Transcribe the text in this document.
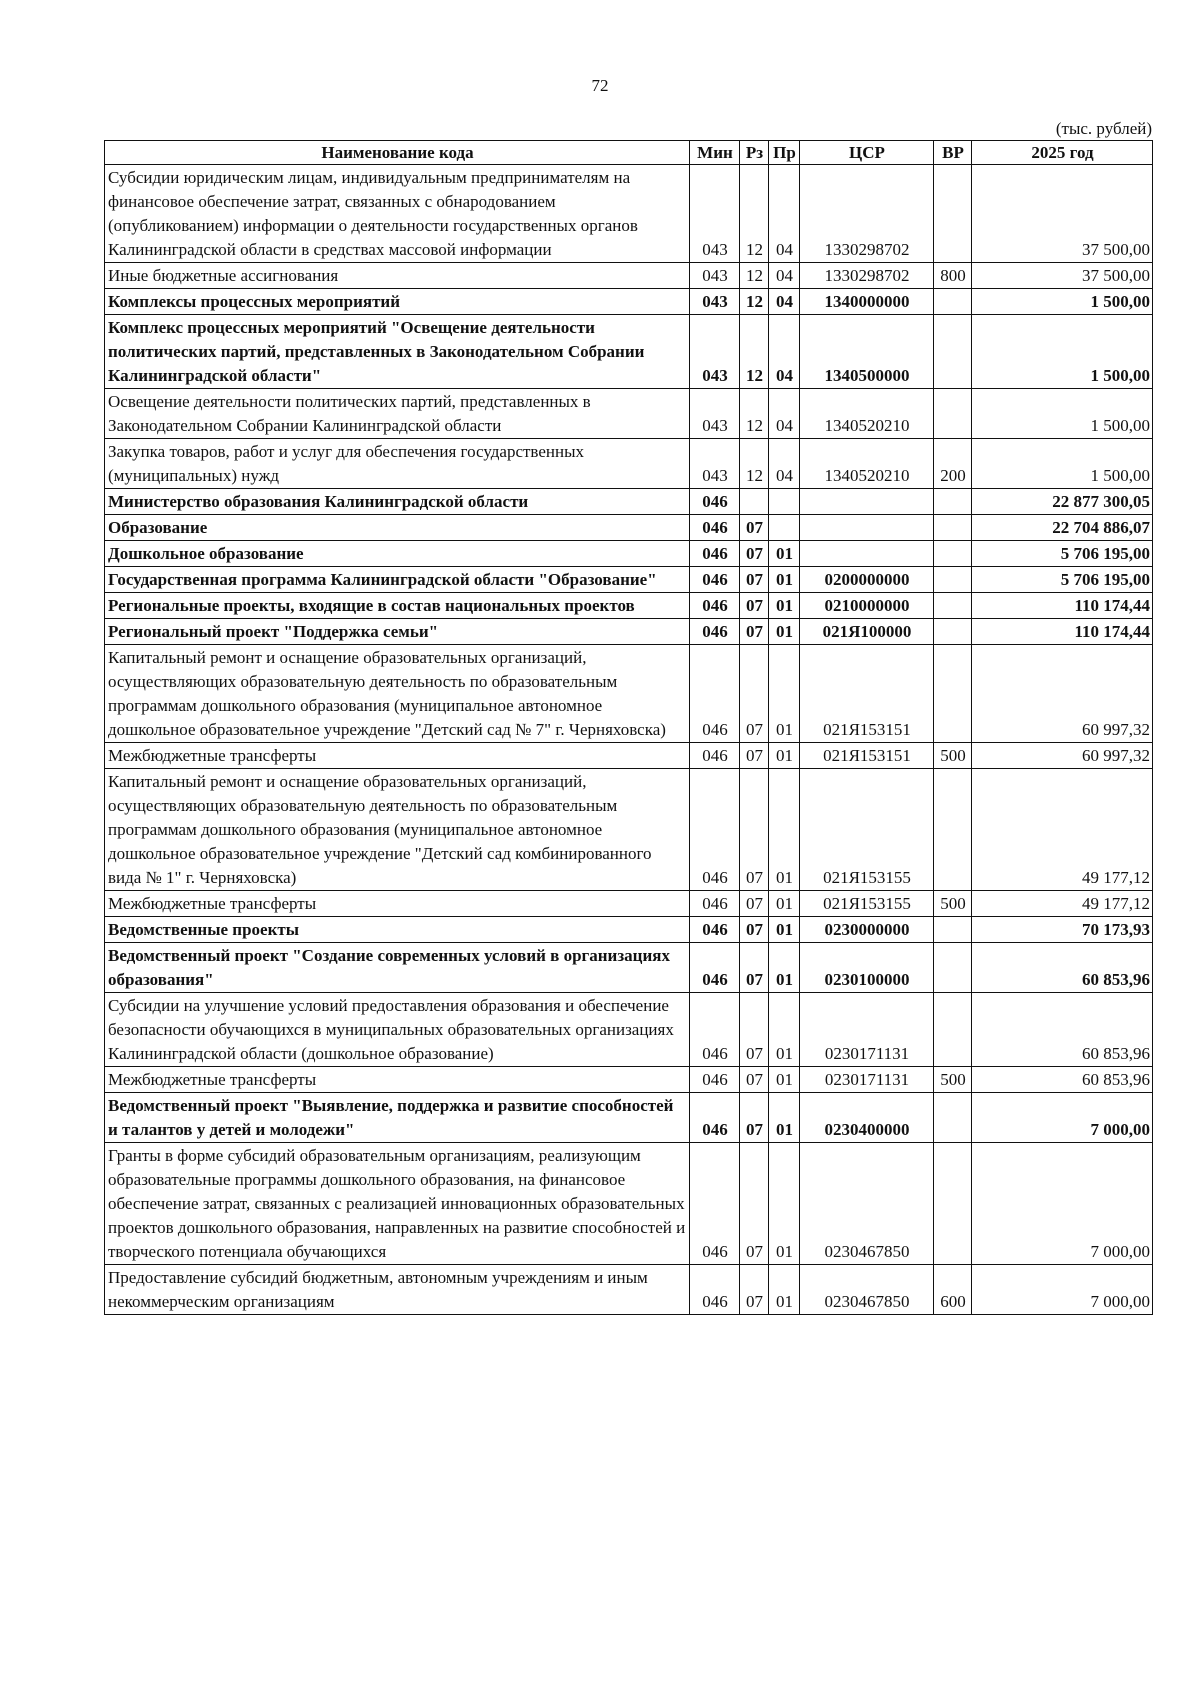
72
(тыс. рублей)
Наименование кода	Мин	Рз	Пр	ЦСР	ВР	2025 год
Субсидии юридическим лицам, индивидуальным предпринимателям на финансовое обеспечение затрат, связанных с обнародованием (опубликованием) информации о деятельности государственных органов Калининградской области в средствах массовой информации	043	12	04	1330298702		37 500,00
Иные бюджетные ассигнования	043	12	04	1330298702	800	37 500,00
Комплексы процессных мероприятий	043	12	04	1340000000		1 500,00
Комплекс процессных мероприятий "Освещение деятельности политических партий, представленных в Законодательном Собрании Калининградской области"	043	12	04	1340500000		1 500,00
Освещение деятельности политических партий, представленных в Законодательном Собрании Калининградской области	043	12	04	1340520210		1 500,00
Закупка товаров, работ и услуг для обеспечения государственных (муниципальных) нужд	043	12	04	1340520210	200	1 500,00
Министерство образования Калининградской области	046					22 877 300,05
Образование	046	07				22 704 886,07
Дошкольное образование	046	07	01			5 706 195,00
Государственная программа Калининградской области "Образование"	046	07	01	0200000000		5 706 195,00
Региональные проекты, входящие в состав национальных проектов	046	07	01	0210000000		110 174,44
Региональный проект "Поддержка семьи"	046	07	01	021Я100000		110 174,44
Капитальный ремонт и оснащение образовательных организаций, осуществляющих образовательную деятельность по образовательным программам дошкольного образования (муниципальное автономное дошкольное образовательное учреждение "Детский сад № 7" г. Черняховска)	046	07	01	021Я153151		60 997,32
Межбюджетные трансферты	046	07	01	021Я153151	500	60 997,32
Капитальный ремонт и оснащение образовательных организаций, осуществляющих образовательную деятельность по образовательным программам дошкольного образования (муниципальное автономное дошкольное образовательное учреждение "Детский сад комбинированного вида № 1" г. Черняховска)	046	07	01	021Я153155		49 177,12
Межбюджетные трансферты	046	07	01	021Я153155	500	49 177,12
Ведомственные проекты	046	07	01	0230000000		70 173,93
Ведомственный проект "Создание современных условий в организациях образования"	046	07	01	0230100000		60 853,96
Субсидии на улучшение условий предоставления образования и обеспечение безопасности обучающихся в муниципальных образовательных организациях Калининградской области (дошкольное образование)	046	07	01	0230171131		60 853,96
Межбюджетные трансферты	046	07	01	0230171131	500	60 853,96
Ведомственный проект "Выявление, поддержка и развитие способностей и талантов у детей и молодежи"	046	07	01	0230400000		7 000,00
Гранты в форме субсидий образовательным организациям, реализующим образовательные программы дошкольного образования, на финансовое обеспечение затрат, связанных с реализацией инновационных образовательных проектов дошкольного образования, направленных на развитие способностей и творческого потенциала обучающихся	046	07	01	0230467850		7 000,00
Предоставление субсидий бюджетным, автономным учреждениям и иным некоммерческим организациям	046	07	01	0230467850	600	7 000,00
